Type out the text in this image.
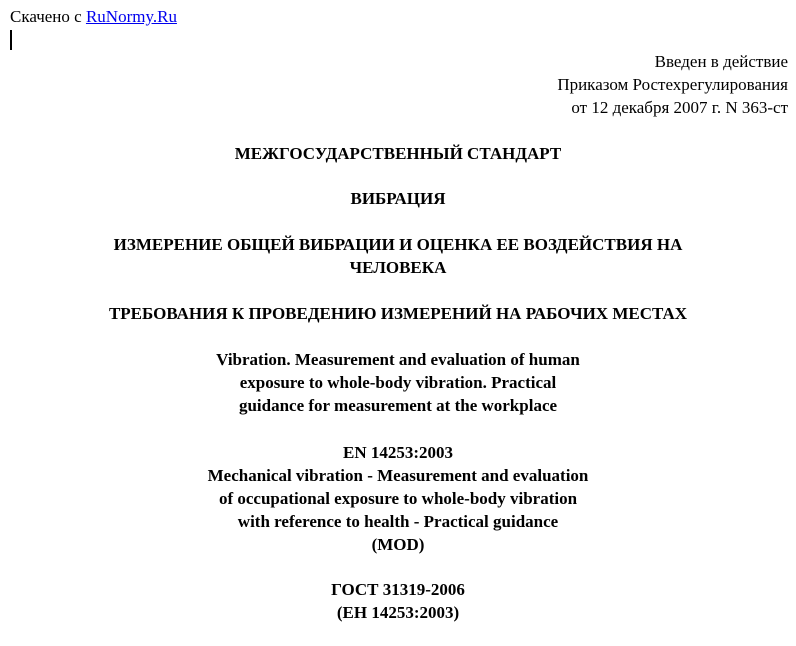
Скачено с RuNormy.Ru
Введен в действие
Приказом Ростехрегулирования
от 12 декабря 2007 г. N 363-ст
МЕЖГОСУДАРСТВЕННЫЙ СТАНДАРТ
ВИБРАЦИЯ
ИЗМЕРЕНИЕ ОБЩЕЙ ВИБРАЦИИ И ОЦЕНКА ЕЕ ВОЗДЕЙСТВИЯ НА
ЧЕЛОВЕКА
ТРЕБОВАНИЯ К ПРОВЕДЕНИЮ ИЗМЕРЕНИЙ НА РАБОЧИХ МЕСТАХ
Vibration. Measurement and evaluation of human
exposure to whole-body vibration. Practical
guidance for measurement at the workplace
EN 14253:2003
Mechanical vibration - Measurement and evaluation
of occupational exposure to whole-body vibration
with reference to health - Practical guidance
(MOD)
ГОСТ 31319-2006
(ЕН 14253:2003)
